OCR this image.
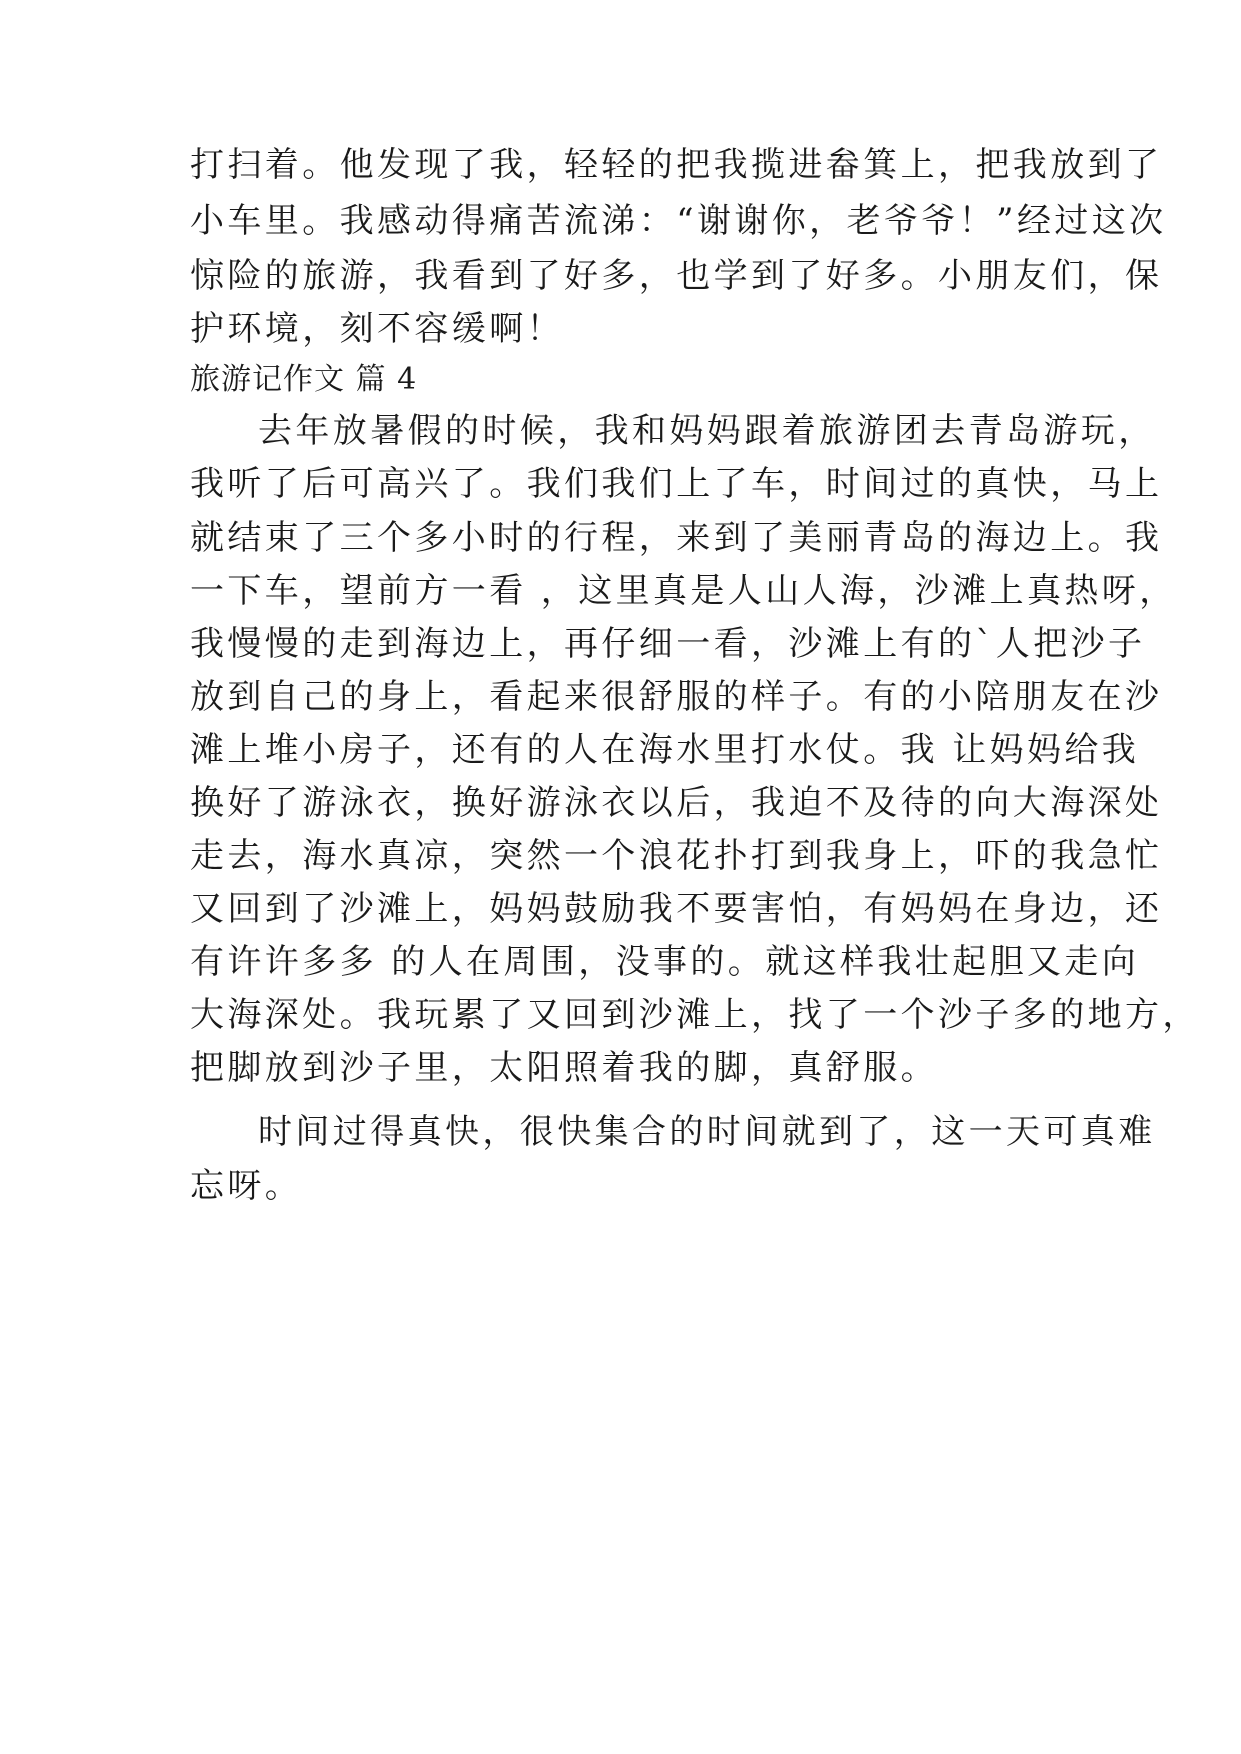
打扫着。他发现了我，轻轻的把我揽进畚箕上，把我放到了
小车里。我感动得痛苦流涕：“谢谢你，老爷爷！”经过这次
惊险的旅游，我看到了好多，也学到了好多。小朋友们，保
护环境，刻不容缓啊！
旅游记作文 篇 4
去年放暑假的时候，我和妈妈跟着旅游团去青岛游玩，
我听了后可高兴了。我们我们上了车，时间过的真快，马上
就结束了三个多小时的行程，来到了美丽青岛的海边上。我
一下车，望前方一看 ，这里真是人山人海，沙滩上真热呀，
我慢慢的走到海边上，再仔细一看，沙滩上有的`人把沙子
放到自己的身上，看起来很舒服的样子。有的小陪朋友在沙
滩上堆小房子，还有的人在海水里打水仗。我 让妈妈给我
换好了游泳衣，换好游泳衣以后，我迫不及待的向大海深处
走去，海水真凉，突然一个浪花扑打到我身上，吓的我急忙
又回到了沙滩上，妈妈鼓励我不要害怕，有妈妈在身边，还
有许许多多 的人在周围，没事的。就这样我壮起胆又走向
大海深处。我玩累了又回到沙滩上，找了一个沙子多的地方，
把脚放到沙子里，太阳照着我的脚，真舒服。
时间过得真快，很快集合的时间就到了，这一天可真难
忘呀。
